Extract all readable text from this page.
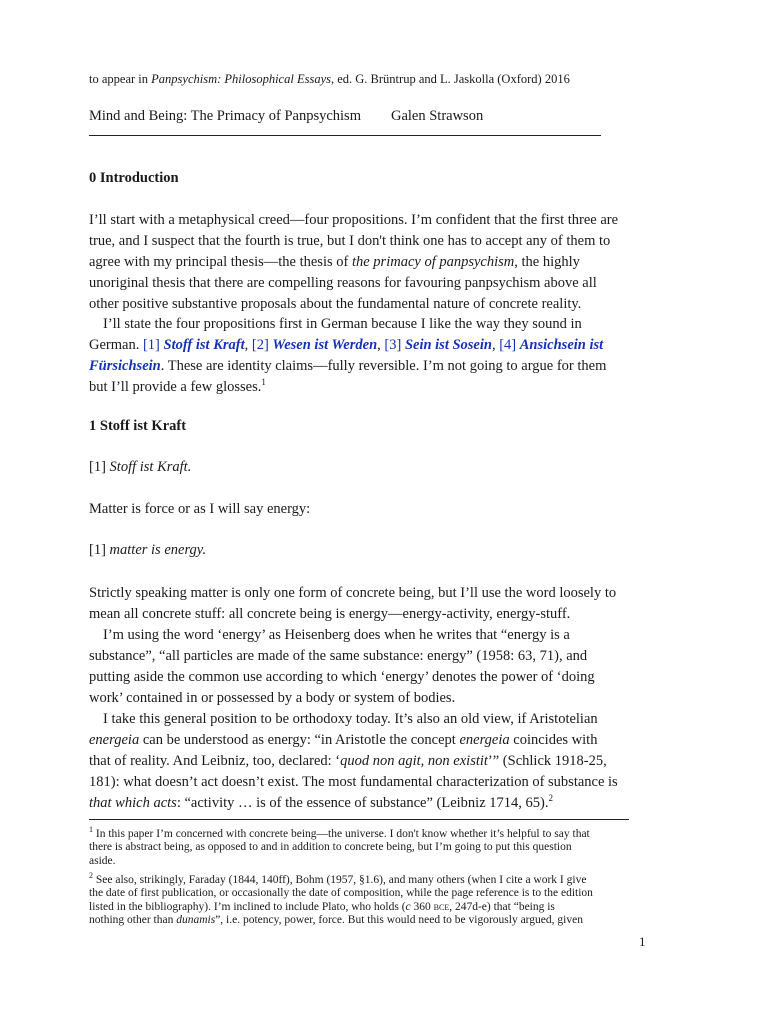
to appear in Panpsychism: Philosophical Essays, ed. G. Brüntrup and L. Jaskolla (Oxford) 2016
Mind and Being: The Primacy of Panpsychism Galen Strawson
0 Introduction
I’ll start with a metaphysical creed—four propositions. I’m confident that the first three are
true, and I suspect that the fourth is true, but I don't think one has to accept any of them to
agree with my principal thesis—the thesis of the primacy of panpsychism, the highly
unoriginal thesis that there are compelling reasons for favouring panpsychism above all
other positive substantive proposals about the fundamental nature of concrete reality.
I’ll state the four propositions first in German because I like the way they sound in
German. [1] Stoff ist Kraft, [2] Wesen ist Werden, [3] Sein ist Sosein, [4] Ansichsein ist
Fürsichsein. These are identity claims—fully reversible. I’m not going to argue for them
but I’ll provide a few glosses.$^1$
1 Stoff ist Kraft
[1] Stoff ist Kraft.
Matter is force or as I will say energy:
[1] matter is energy.
Strictly speaking matter is only one form of concrete being, but I’ll use the word loosely to
mean all concrete stuff: all concrete being is energy—energy-activity, energy-stuff.
I’m using the word ‘energy’ as Heisenberg does when he writes that “energy is a
substance”, “all particles are made of the same substance: energy” (1958: 63, 71), and
putting aside the common use according to which ‘energy’ denotes the power of ‘doing
work’ contained in or possessed by a body or system of bodies.
I take this general position to be orthodoxy today. It’s also an old view, if Aristotelian
energeia can be understood as energy: “in Aristotle the concept energeia coincides with
that of reality. And Leibniz, too, declared: ‘quod non agit, non existit’” (Schlick 1918-25,
181): what doesn’t act doesn’t exist. The most fundamental characterization of substance is
that which acts: “activity … is of the essence of substance” (Leibniz 1714, 65).$^2$
$^1$ In this paper I’m concerned with concrete being—the universe. I don't know whether it’s helpful to say that
there is abstract being, as opposed to and in addition to concrete being, but I’m going to put this question
aside.
$^2$ See also, strikingly, Faraday (1844, 140ff), Bohm (1957, §1.6), and many others (when I cite a work I give
the date of first publication, or occasionally the date of composition, while the page reference is to the edition
listed in the bibliography). I’m inclined to include Plato, who holds (c 360 bce, 247d-e) that “being is
nothing other than dunamis”, i.e. potency, power, force. But this would need to be vigorously argued, given
1
